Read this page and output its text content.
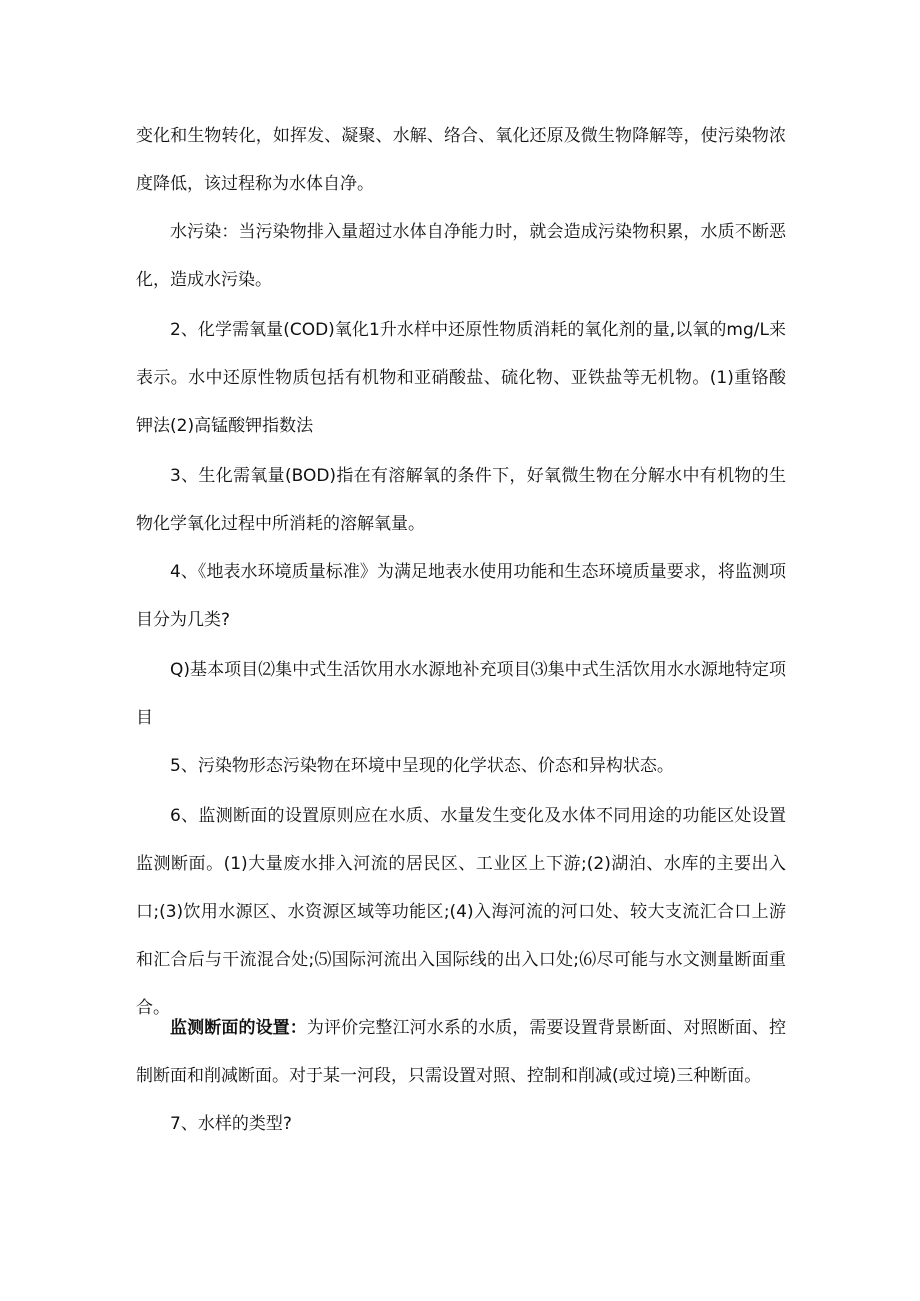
变化和生物转化，如挥发、凝聚、水解、络合、氧化还原及微生物降解等，使污染物浓度降低，该过程称为水体自净。

水污染：当污染物排入量超过水体自净能力时，就会造成污染物积累，水质不断恶化，造成水污染。

2、化学需氧量(COD)氧化1升水样中还原性物质消耗的氧化剂的量,以氧的mg/L来表示。水中还原性物质包括有机物和亚硝酸盐、硫化物、亚铁盐等无机物。(1)重铬酸钾法(2)高锰酸钾指数法

3、生化需氧量(BOD)指在有溶解氧的条件下，好氧微生物在分解水中有机物的生物化学氧化过程中所消耗的溶解氧量。

4、《地表水环境质量标准》为满足地表水使用功能和生态环境质量要求，将监测项目分为几类?

Q)基本项目⑵集中式生活饮用水水源地补充项目⑶集中式生活饮用水水源地特定项目

5、污染物形态污染物在环境中呈现的化学状态、价态和异构状态。

6、监测断面的设置原则应在水质、水量发生变化及水体不同用途的功能区处设置监测断面。(1)大量废水排入河流的居民区、工业区上下游;(2)湖泊、水库的主要出入口;(3)饮用水源区、水资源区域等功能区;(4)入海河流的河口处、较大支流汇合口上游和汇合后与干流混合处;⑸国际河流出入国际线的出入口处;⑹尽可能与水文测量断面重合。

监测断面的设置：为评价完整江河水系的水质，需要设置背景断面、对照断面、控制断面和削减断面。对于某一河段，只需设置对照、控制和削减(或过境)三种断面。

7、水样的类型?
